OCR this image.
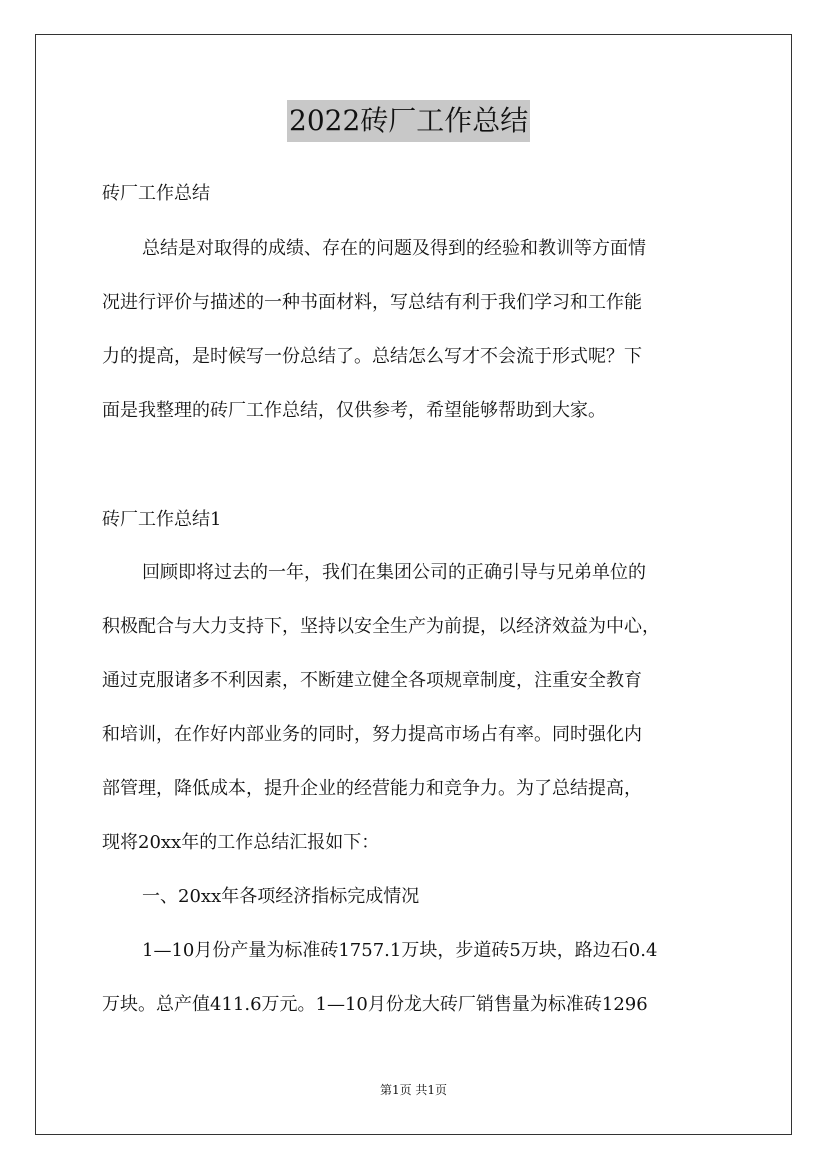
2022砖厂工作总结

砖厂工作总结

总结是对取得的成绩、存在的问题及得到的经验和教训等方面情

况进行评价与描述的一种书面材料，写总结有利于我们学习和工作能

力的提高，是时候写一份总结了。总结怎么写才不会流于形式呢？下

面是我整理的砖厂工作总结，仅供参考，希望能够帮助到大家。

砖厂工作总结1

回顾即将过去的一年，我们在集团公司的正确引导与兄弟单位的

积极配合与大力支持下，坚持以安全生产为前提，以经济效益为中心，

通过克服诸多不利因素，不断建立健全各项规章制度，注重安全教育

和培训，在作好内部业务的同时，努力提高市场占有率。同时强化内

部管理，降低成本，提升企业的经营能力和竞争力。为了总结提高，

现将20xx年的工作总结汇报如下：

一、20xx年各项经济指标完成情况

1—10月份产量为标准砖1757.1万块，步道砖5万块，路边石0.4

万块。总产值411.6万元。1—10月份龙大砖厂销售量为标准砖1296

第1页 共1页
